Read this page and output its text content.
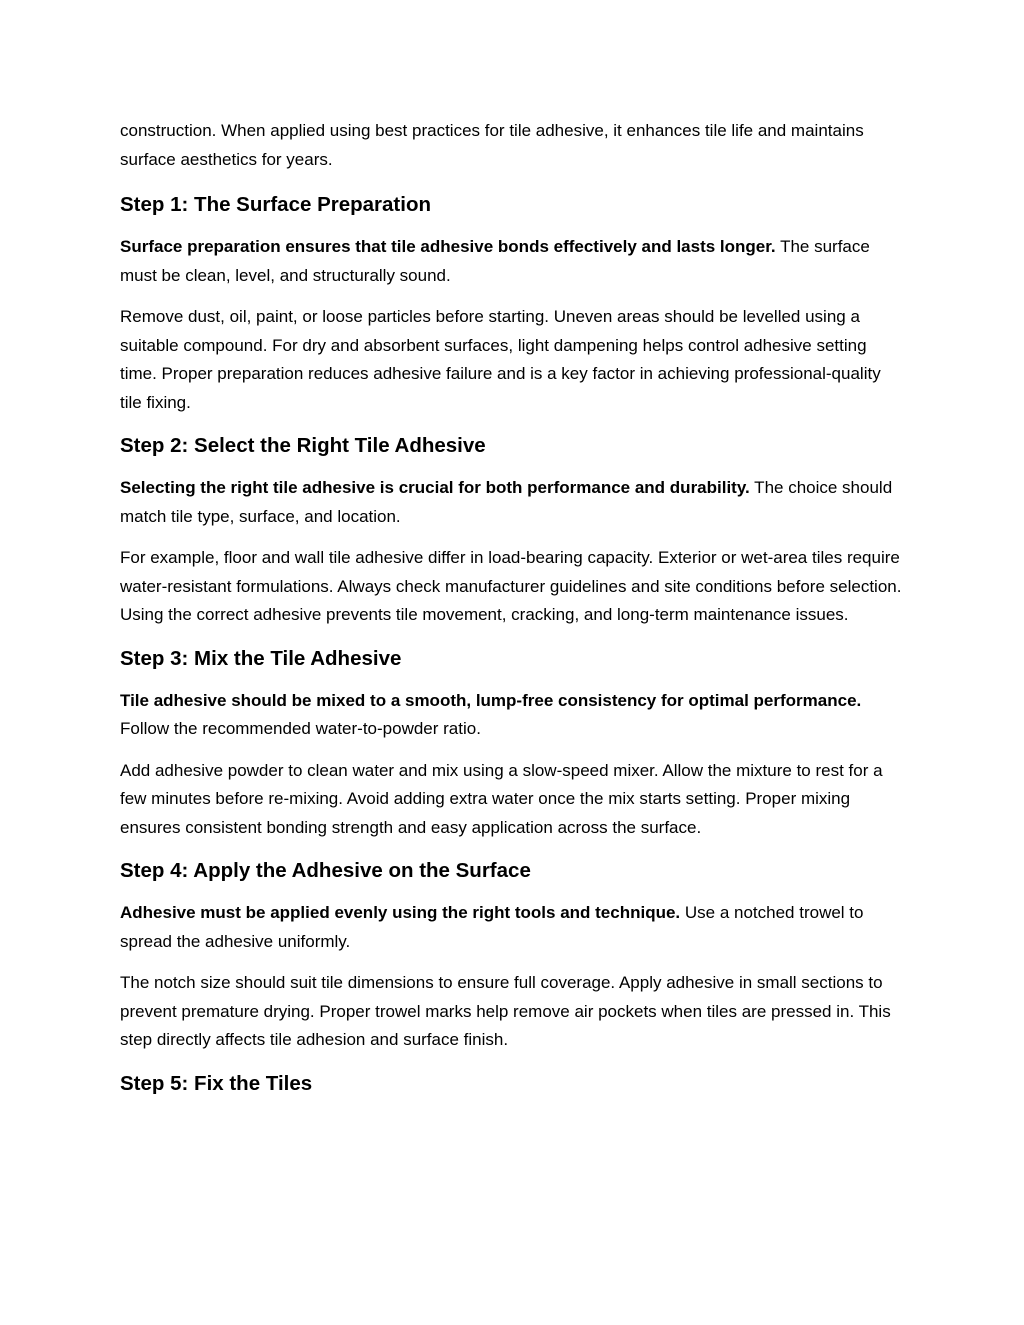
construction. When applied using best practices for tile adhesive, it enhances tile life and maintains surface aesthetics for years.

Step 1: The Surface Preparation

Surface preparation ensures that tile adhesive bonds effectively and lasts longer. The surface must be clean, level, and structurally sound.

Remove dust, oil, paint, or loose particles before starting. Uneven areas should be levelled using a suitable compound. For dry and absorbent surfaces, light dampening helps control adhesive setting time. Proper preparation reduces adhesive failure and is a key factor in achieving professional-quality tile fixing.

Step 2: Select the Right Tile Adhesive

Selecting the right tile adhesive is crucial for both performance and durability. The choice should match tile type, surface, and location.

For example, floor and wall tile adhesive differ in load-bearing capacity. Exterior or wet-area tiles require water-resistant formulations. Always check manufacturer guidelines and site conditions before selection. Using the correct adhesive prevents tile movement, cracking, and long-term maintenance issues.

Step 3: Mix the Tile Adhesive

Tile adhesive should be mixed to a smooth, lump-free consistency for optimal performance. Follow the recommended water-to-powder ratio.

Add adhesive powder to clean water and mix using a slow-speed mixer. Allow the mixture to rest for a few minutes before re-mixing. Avoid adding extra water once the mix starts setting. Proper mixing ensures consistent bonding strength and easy application across the surface.

Step 4: Apply the Adhesive on the Surface

Adhesive must be applied evenly using the right tools and technique. Use a notched trowel to spread the adhesive uniformly.

The notch size should suit tile dimensions to ensure full coverage. Apply adhesive in small sections to prevent premature drying. Proper trowel marks help remove air pockets when tiles are pressed in. This step directly affects tile adhesion and surface finish.

Step 5: Fix the Tiles
